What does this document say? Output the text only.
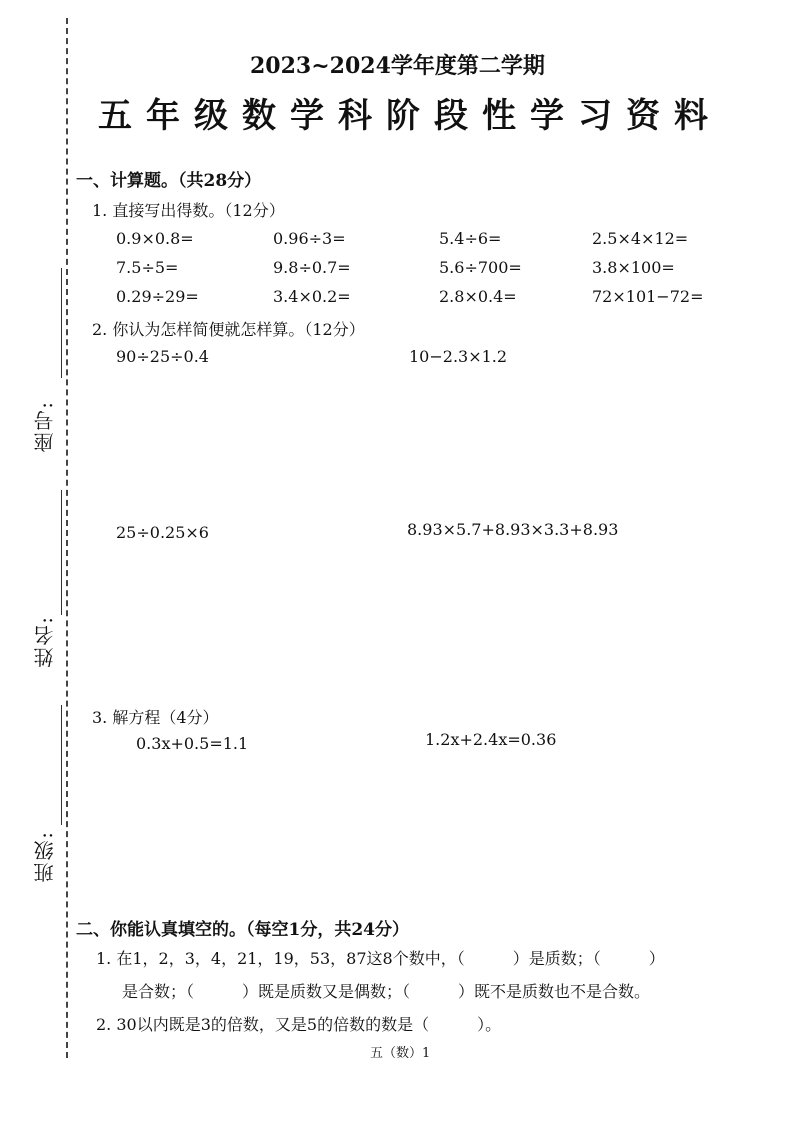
座号:
姓名:
班级:
2023~2024学年度第二学期
五年级数学科阶段性学习资料
一、计算题。（共28分）
1. 直接写出得数。（12分）
0.9×0.8=	0.96÷3=	5.4÷6=	2.5×4×12=
7.5÷5=	9.8÷0.7=	5.6÷700=	3.8×100=
0.29÷29=	3.4×0.2=	2.8×0.4=	72×101−72=
2. 你认为怎样简便就怎样算。（12分）
90÷25÷0.4	10−2.3×1.2
25÷0.25×6	8.93×5.7+8.93×3.3+8.93
3. 解方程（4分）
0.3x+0.5=1.1	1.2x+2.4x=0.36
二、你能认真填空的。（每空1分，共24分）
1. 在1，2，3，4，21，19，53，87这8个数中，（　　　）是质数；（　　　）
是合数；（　　　）既是质数又是偶数；（　　　）既不是质数也不是合数。
2. 30以内既是3的倍数，又是5的倍数的数是（　　　）。
五（数）1
